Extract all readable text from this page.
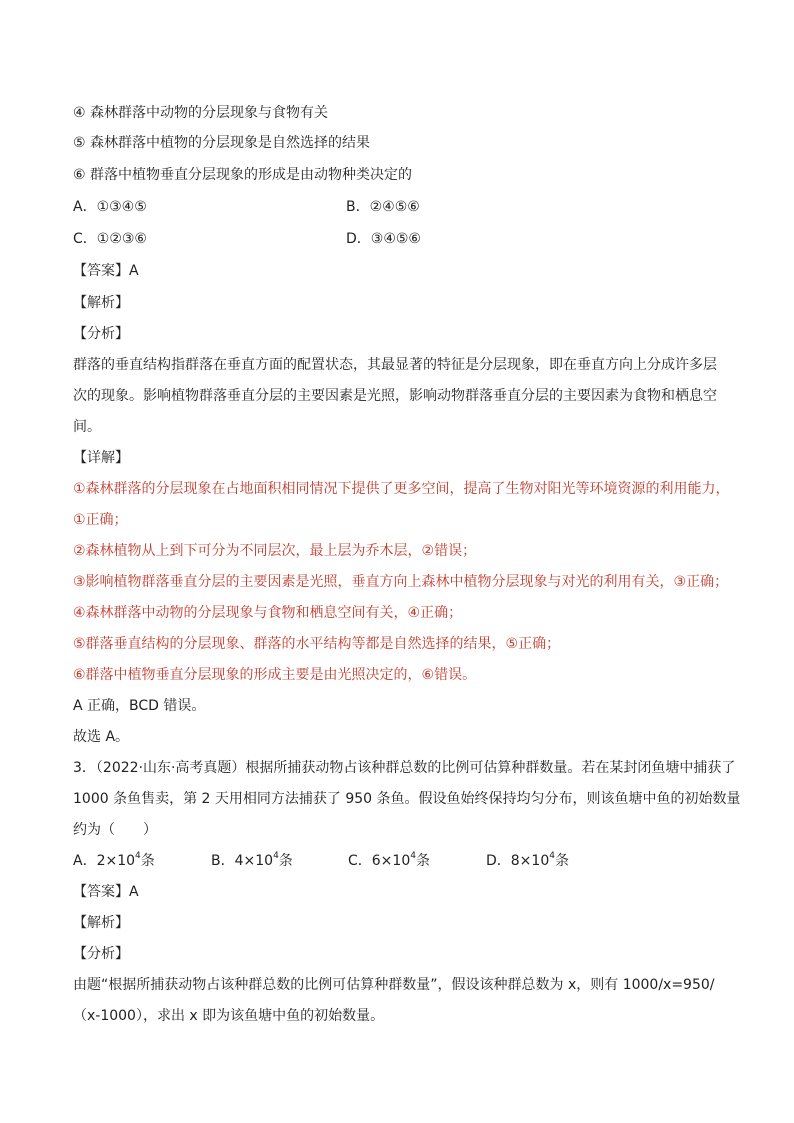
④ 森林群落中动物的分层现象与食物有关
⑤ 森林群落中植物的分层现象是自然选择的结果
⑥ 群落中植物垂直分层现象的形成是由动物种类决定的
A．①③④⑤	B．②④⑤⑥
C．①②③⑥	D．③④⑤⑥
【答案】A
【解析】
【分析】
群落的垂直结构指群落在垂直方面的配置状态，其最显著的特征是分层现象，即在垂直方向上分成许多层
次的现象。影响植物群落垂直分层的主要因素是光照，影响动物群落垂直分层的主要因素为食物和栖息空
间。
【详解】
①森林群落的分层现象在占地面积相同情况下提供了更多空间，提高了生物对阳光等环境资源的利用能力，
①正确；
②森林植物从上到下可分为不同层次，最上层为乔木层，②错误；
③影响植物群落垂直分层的主要因素是光照，垂直方向上森林中植物分层现象与对光的利用有关，③正确；
④森林群落中动物的分层现象与食物和栖息空间有关，④正确；
⑤群落垂直结构的分层现象、群落的水平结构等都是自然选择的结果，⑤正确；
⑥群落中植物垂直分层现象的形成主要是由光照决定的，⑥错误。
A 正确，BCD 错误。
故选 A。
3．（2022·山东·高考真题）根据所捕获动物占该种群总数的比例可估算种群数量。若在某封闭鱼塘中捕获了
1000 条鱼售卖，第 2 天用相同方法捕获了 950 条鱼。假设鱼始终保持均匀分布，则该鱼塘中鱼的初始数量
约为（　　）
A．$2\times 10^4$条	B．$4\times 10^4$条	C．$6\times 10^4$条	D．$8\times 10^4$条
【答案】A
【解析】
【分析】
由题“根据所捕获动物占该种群总数的比例可估算种群数量”，假设该种群总数为 x，则有 1000/x=950/
（x-1000），求出 x 即为该鱼塘中鱼的初始数量。
